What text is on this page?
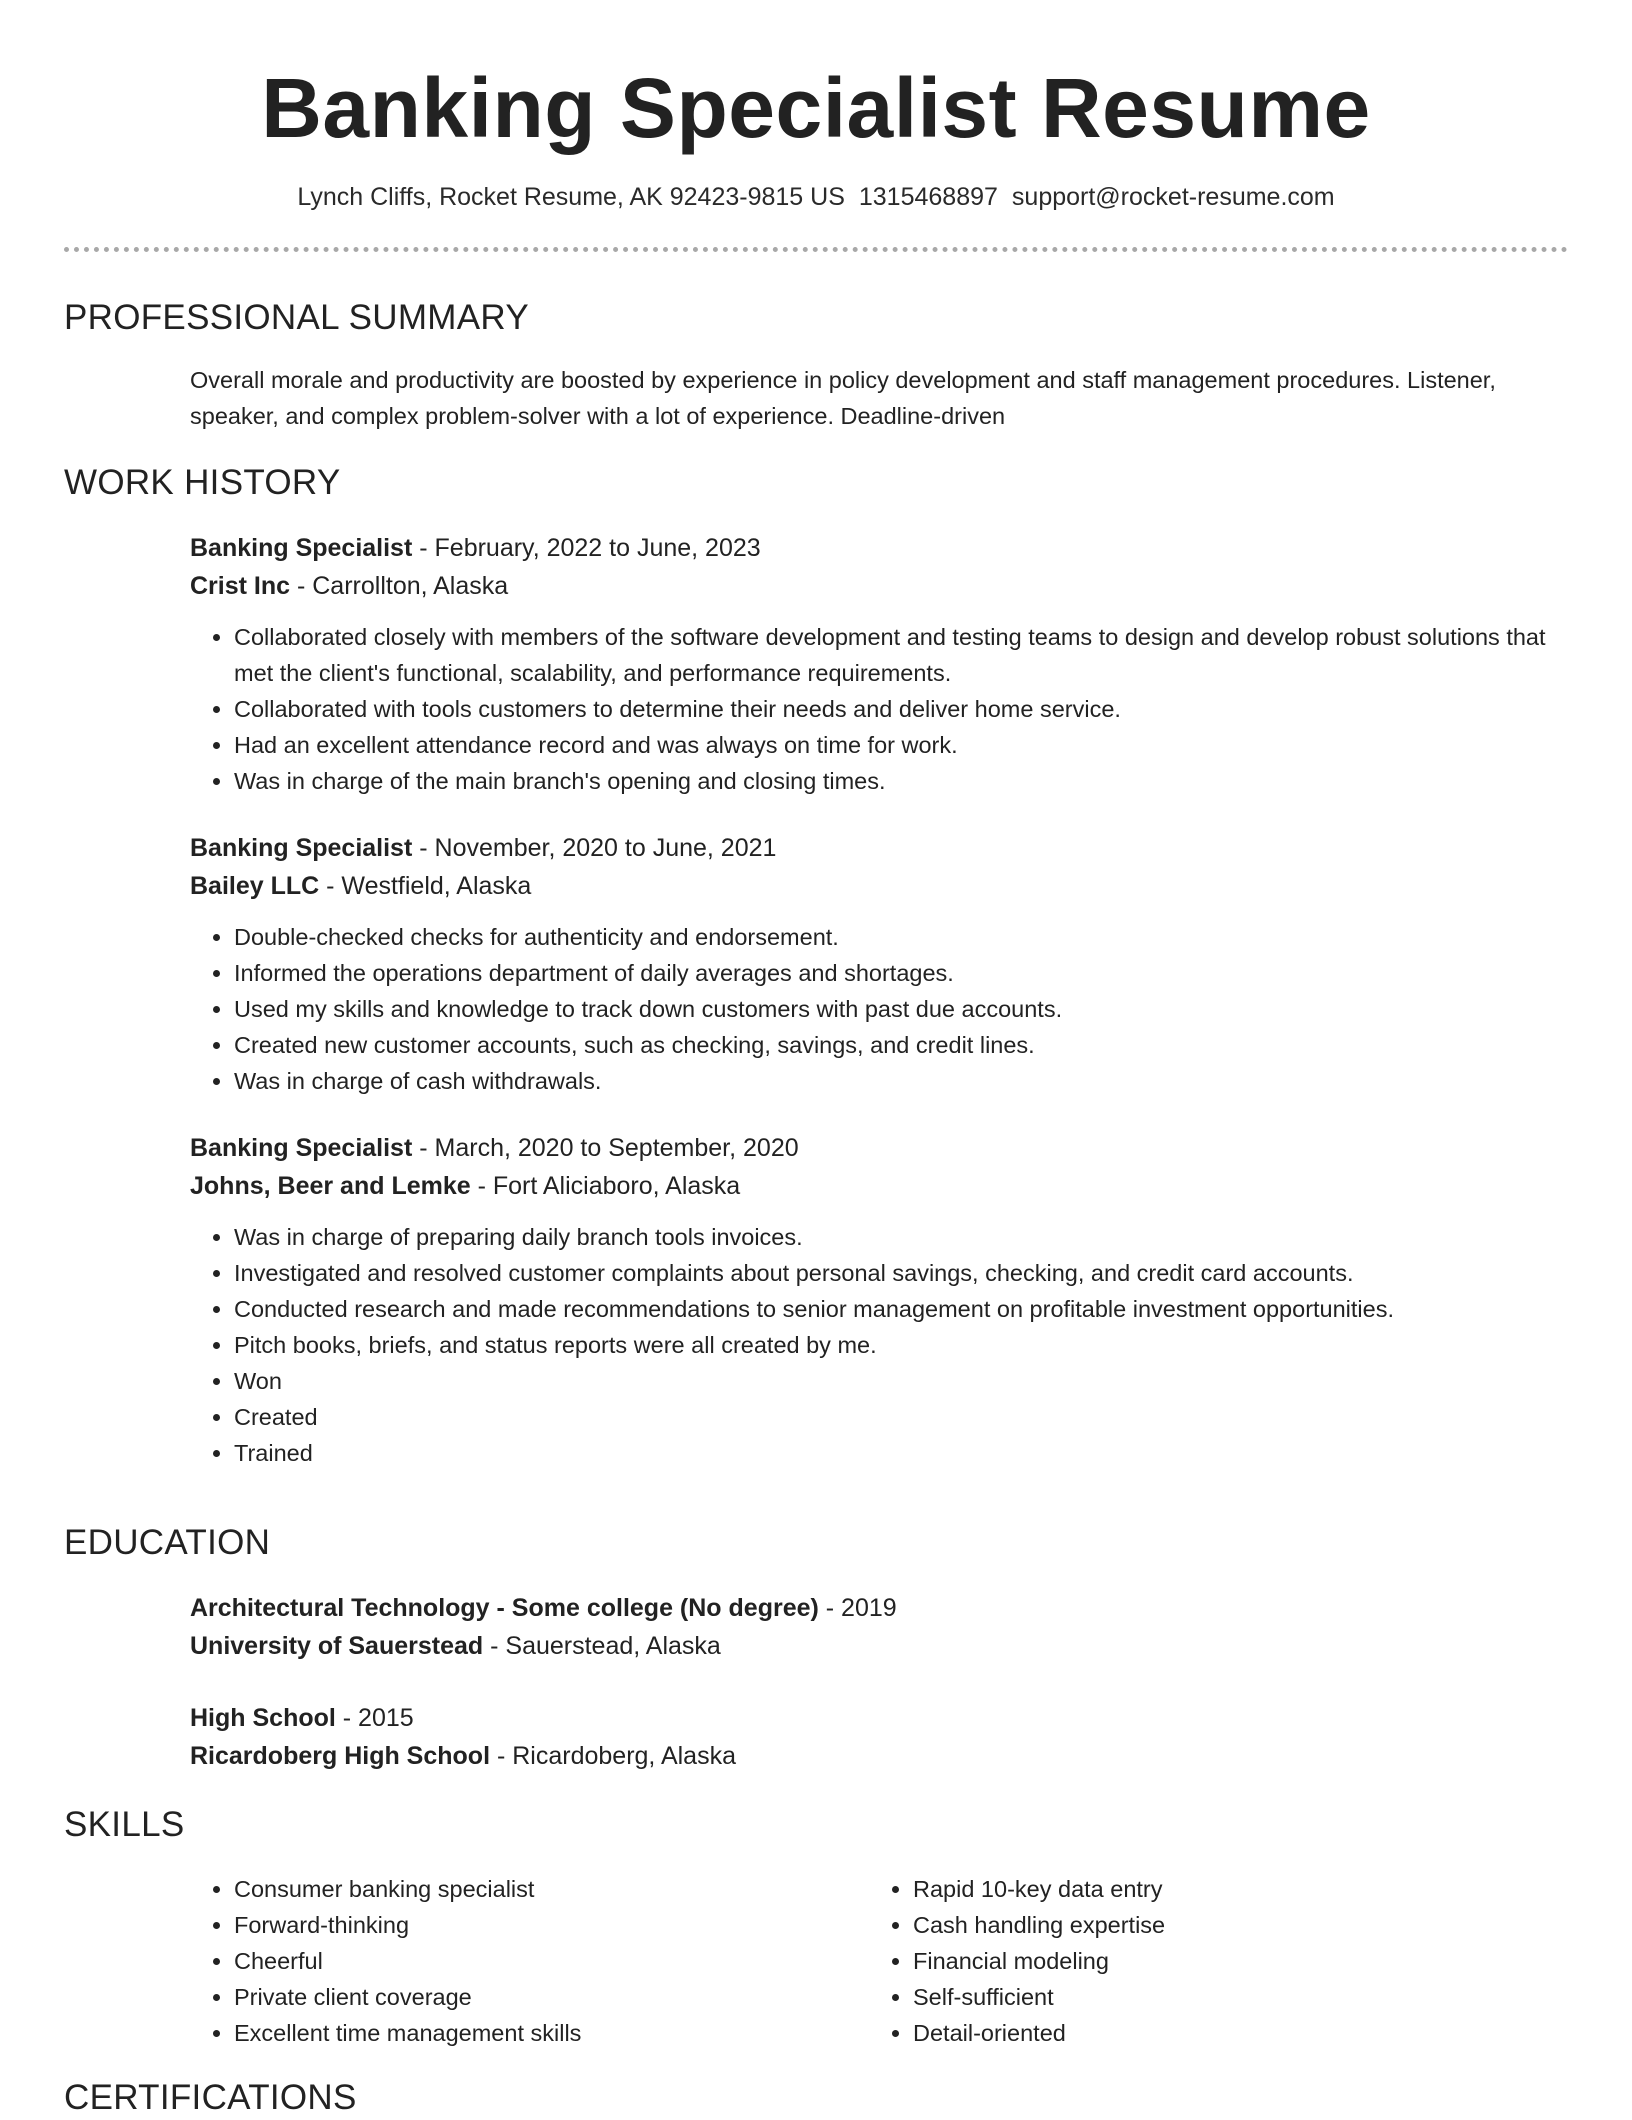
Banking Specialist Resume
Lynch Cliffs, Rocket Resume, AK 92423-9815 US 1315468897 support@rocket-resume.com
PROFESSIONAL SUMMARY
Overall morale and productivity are boosted by experience in policy development and staff management procedures. Listener, speaker, and complex problem-solver with a lot of experience. Deadline-driven
WORK HISTORY
Banking Specialist - February, 2022 to June, 2023
Crist Inc - Carrollton, Alaska
• Collaborated closely with members of the software development and testing teams to design and develop robust solutions that met the client's functional, scalability, and performance requirements.
• Collaborated with tools customers to determine their needs and deliver home service.
• Had an excellent attendance record and was always on time for work.
• Was in charge of the main branch's opening and closing times.
Banking Specialist - November, 2020 to June, 2021
Bailey LLC - Westfield, Alaska
• Double-checked checks for authenticity and endorsement.
• Informed the operations department of daily averages and shortages.
• Used my skills and knowledge to track down customers with past due accounts.
• Created new customer accounts, such as checking, savings, and credit lines.
• Was in charge of cash withdrawals.
Banking Specialist - March, 2020 to September, 2020
Johns, Beer and Lemke - Fort Aliciaboro, Alaska
• Was in charge of preparing daily branch tools invoices.
• Investigated and resolved customer complaints about personal savings, checking, and credit card accounts.
• Conducted research and made recommendations to senior management on profitable investment opportunities.
• Pitch books, briefs, and status reports were all created by me.
• Won
• Created
• Trained
EDUCATION
Architectural Technology - Some college (No degree) - 2019
University of Sauerstead - Sauerstead, Alaska
High School - 2015
Ricardoberg High School - Ricardoberg, Alaska
SKILLS
• Consumer banking specialist
• Forward-thinking
• Cheerful
• Private client coverage
• Excellent time management skills
• Rapid 10-key data entry
• Cash handling expertise
• Financial modeling
• Self-sufficient
• Detail-oriented
CERTIFICATIONS
